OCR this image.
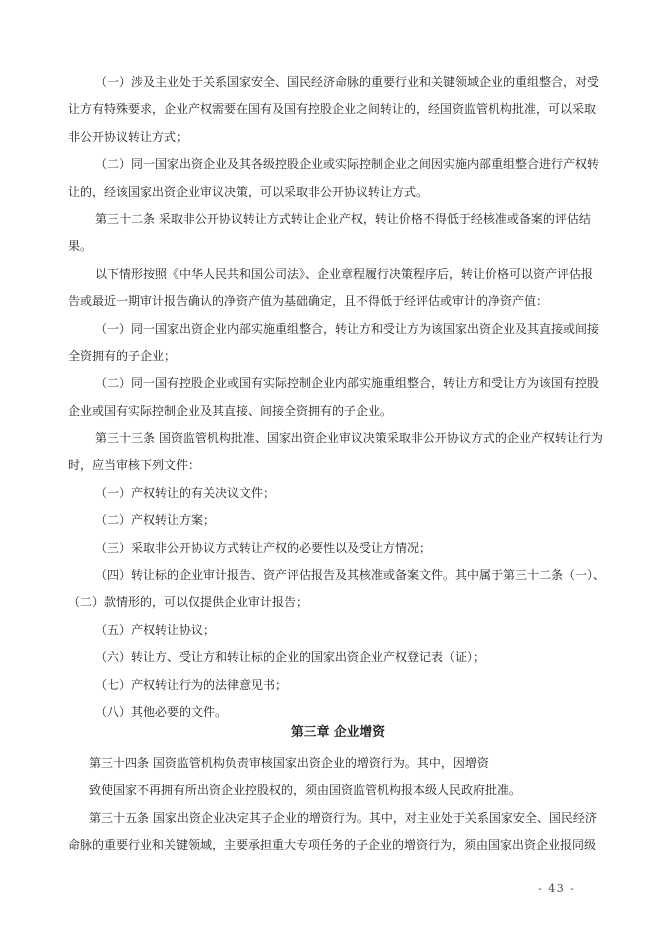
（一）涉及主业处于关系国家安全、国民经济命脉的重要行业和关键领域企业的重组整合，对受
让方有特殊要求，企业产权需要在国有及国有控股企业之间转让的，经国资监管机构批准，可以采取
非公开协议转让方式；
（二）同一国家出资企业及其各级控股企业或实际控制企业之间因实施内部重组整合进行产权转
让的，经该国家出资企业审议决策，可以采取非公开协议转让方式。
第三十二条 采取非公开协议转让方式转让企业产权，转让价格不得低于经核准或备案的评估结
果。
以下情形按照《中华人民共和国公司法》、企业章程履行决策程序后，转让价格可以资产评估报
告或最近一期审计报告确认的净资产值为基础确定，且不得低于经评估或审计的净资产值：
（一）同一国家出资企业内部实施重组整合，转让方和受让方为该国家出资企业及其直接或间接
全资拥有的子企业；
（二）同一国有控股企业或国有实际控制企业内部实施重组整合，转让方和受让方为该国有控股
企业或国有实际控制企业及其直接、间接全资拥有的子企业。
第三十三条 国资监管机构批准、国家出资企业审议决策采取非公开协议方式的企业产权转让行为
时，应当审核下列文件：
（一）产权转让的有关决议文件；
（二）产权转让方案；
（三）采取非公开协议方式转让产权的必要性以及受让方情况；
（四）转让标的企业审计报告、资产评估报告及其核准或备案文件。其中属于第三十二条（一）、
（二）款情形的，可以仅提供企业审计报告；
（五）产权转让协议；
（六）转让方、受让方和转让标的企业的国家出资企业产权登记表（证）；
（七）产权转让行为的法律意见书；
（八）其他必要的文件。
第三章 企业增资
第三十四条 国资监管机构负责审核国家出资企业的增资行为。其中，因增资
致使国家不再拥有所出资企业控股权的，须由国资监管机构报本级人民政府批准。
第三十五条 国家出资企业决定其子企业的增资行为。其中，对主业处于关系国家安全、国民经济
命脉的重要行业和关键领域，主要承担重大专项任务的子企业的增资行为，须由国家出资企业报同级
- 43 -
